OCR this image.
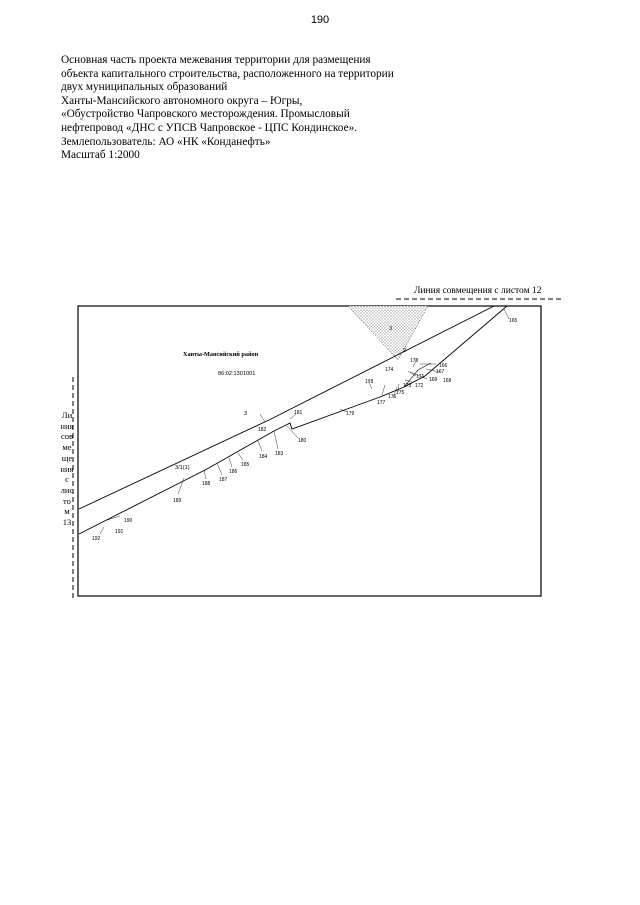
190
Основная часть проекта межевания территории для размещения
объекта капитального строительства, расположенного на территории
двух муниципальных образований
Ханты-Мансийского автономного округа – Югры,
«Обустройство Чапровского месторождения. Промысловый
нефтепровод «ДНС с УПСВ Чапровское - ЦПС Кондинское».
Землепользователь: АО «НК «Конданефть»
Масштаб 1:2000
Линия совмещения с листом 12
Ли
ния
сов
ме
ще
ния
с
лис
то
м
13
Ханты-Мансийский район
86:02:1301001
3
3
2
3/1(1)
165
166
167
168
169
170
171
172
173
174
175
176
177
178
179
180
181
182
183
184
185
186
187
188
189
190
191
192
